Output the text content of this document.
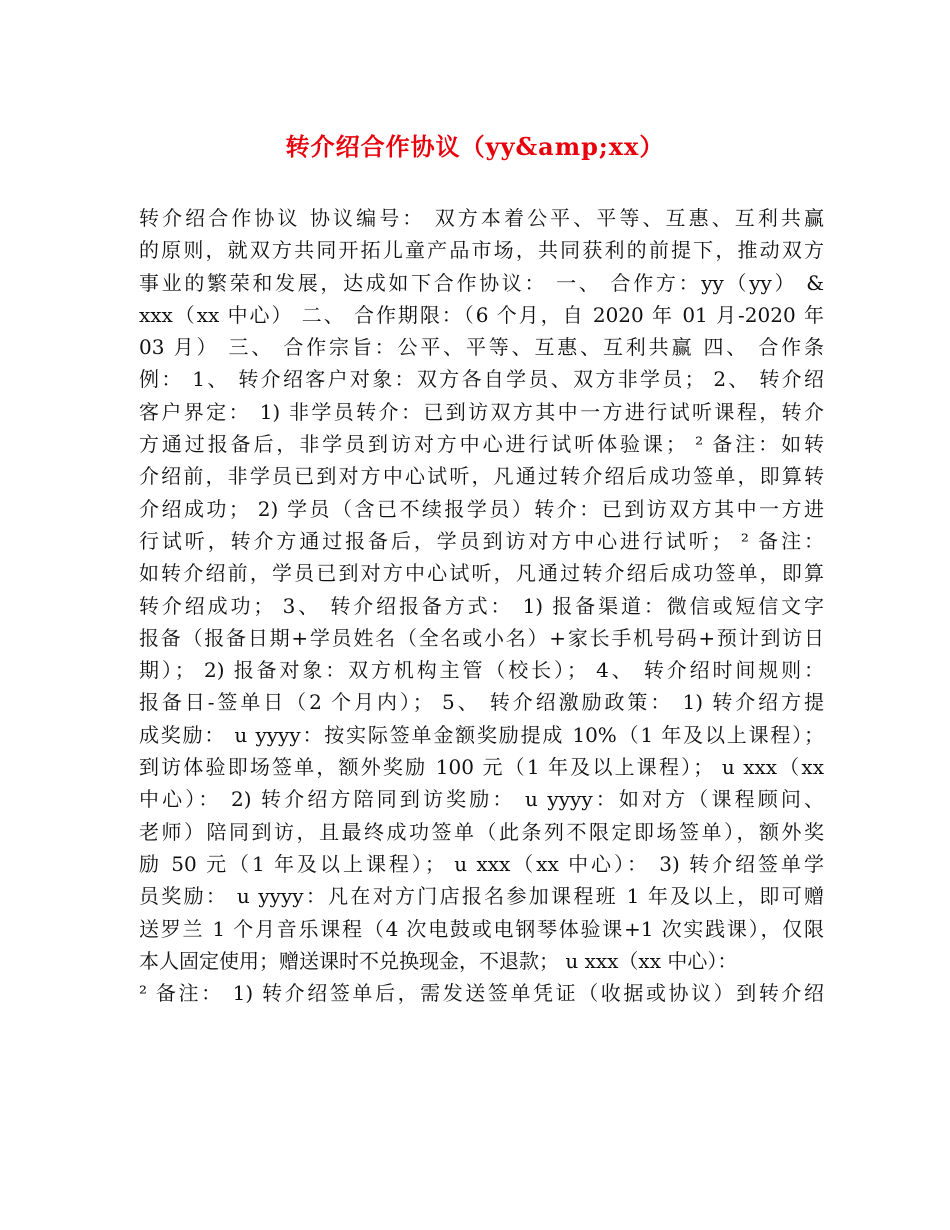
转介绍合作协议（yy&amp;xx）
转介绍合作协议 协议编号： 双方本着公平、平等、互惠、互利共赢
的原则，就双方共同开拓儿童产品市场，共同获利的前提下，推动双方
事业的繁荣和发展，达成如下合作协议： 一、 合作方：yy（yy） &
xxx（xx 中心） 二、 合作期限：（6 个月，自 2020 年 01 月-2020 年
03 月） 三、 合作宗旨：公平、平等、互惠、互利共赢 四、 合作条
例： 1、 转介绍客户对象：双方各自学员、双方非学员； 2、 转介绍
客户界定： 1) 非学员转介：已到访双方其中一方进行试听课程，转介
方通过报备后，非学员到访对方中心进行试听体验课； ² 备注：如转
介绍前，非学员已到对方中心试听，凡通过转介绍后成功签单，即算转
介绍成功； 2) 学员（含已不续报学员）转介：已到访双方其中一方进
行试听，转介方通过报备后，学员到访对方中心进行试听； ² 备注：
如转介绍前，学员已到对方中心试听，凡通过转介绍后成功签单，即算
转介绍成功； 3、 转介绍报备方式： 1) 报备渠道：微信或短信文字
报备（报备日期+学员姓名（全名或小名）+家长手机号码+预计到访日
期）； 2) 报备对象：双方机构主管（校长）； 4、 转介绍时间规则：
报备日-签单日（2 个月内）； 5、 转介绍激励政策： 1) 转介绍方提
成奖励： u yyyy：按实际签单金额奖励提成 10%（1 年及以上课程）；
到访体验即场签单，额外奖励 100 元（1 年及以上课程）； u xxx（xx
中心）： 2) 转介绍方陪同到访奖励： u yyyy：如对方（课程顾问、
老师）陪同到访，且最终成功签单（此条列不限定即场签单），额外奖
励 50 元（1 年及以上课程）； u xxx（xx 中心）： 3) 转介绍签单学
员奖励： u yyyy：凡在对方门店报名参加课程班 1 年及以上，即可赠
送罗兰 1 个月音乐课程（4 次电鼓或电钢琴体验课+1 次实践课），仅限
本人固定使用；赠送课时不兑换现金，不退款； u xxx（xx 中心）：
² 备注： 1) 转介绍签单后，需发送签单凭证（收据或协议）到转介绍
